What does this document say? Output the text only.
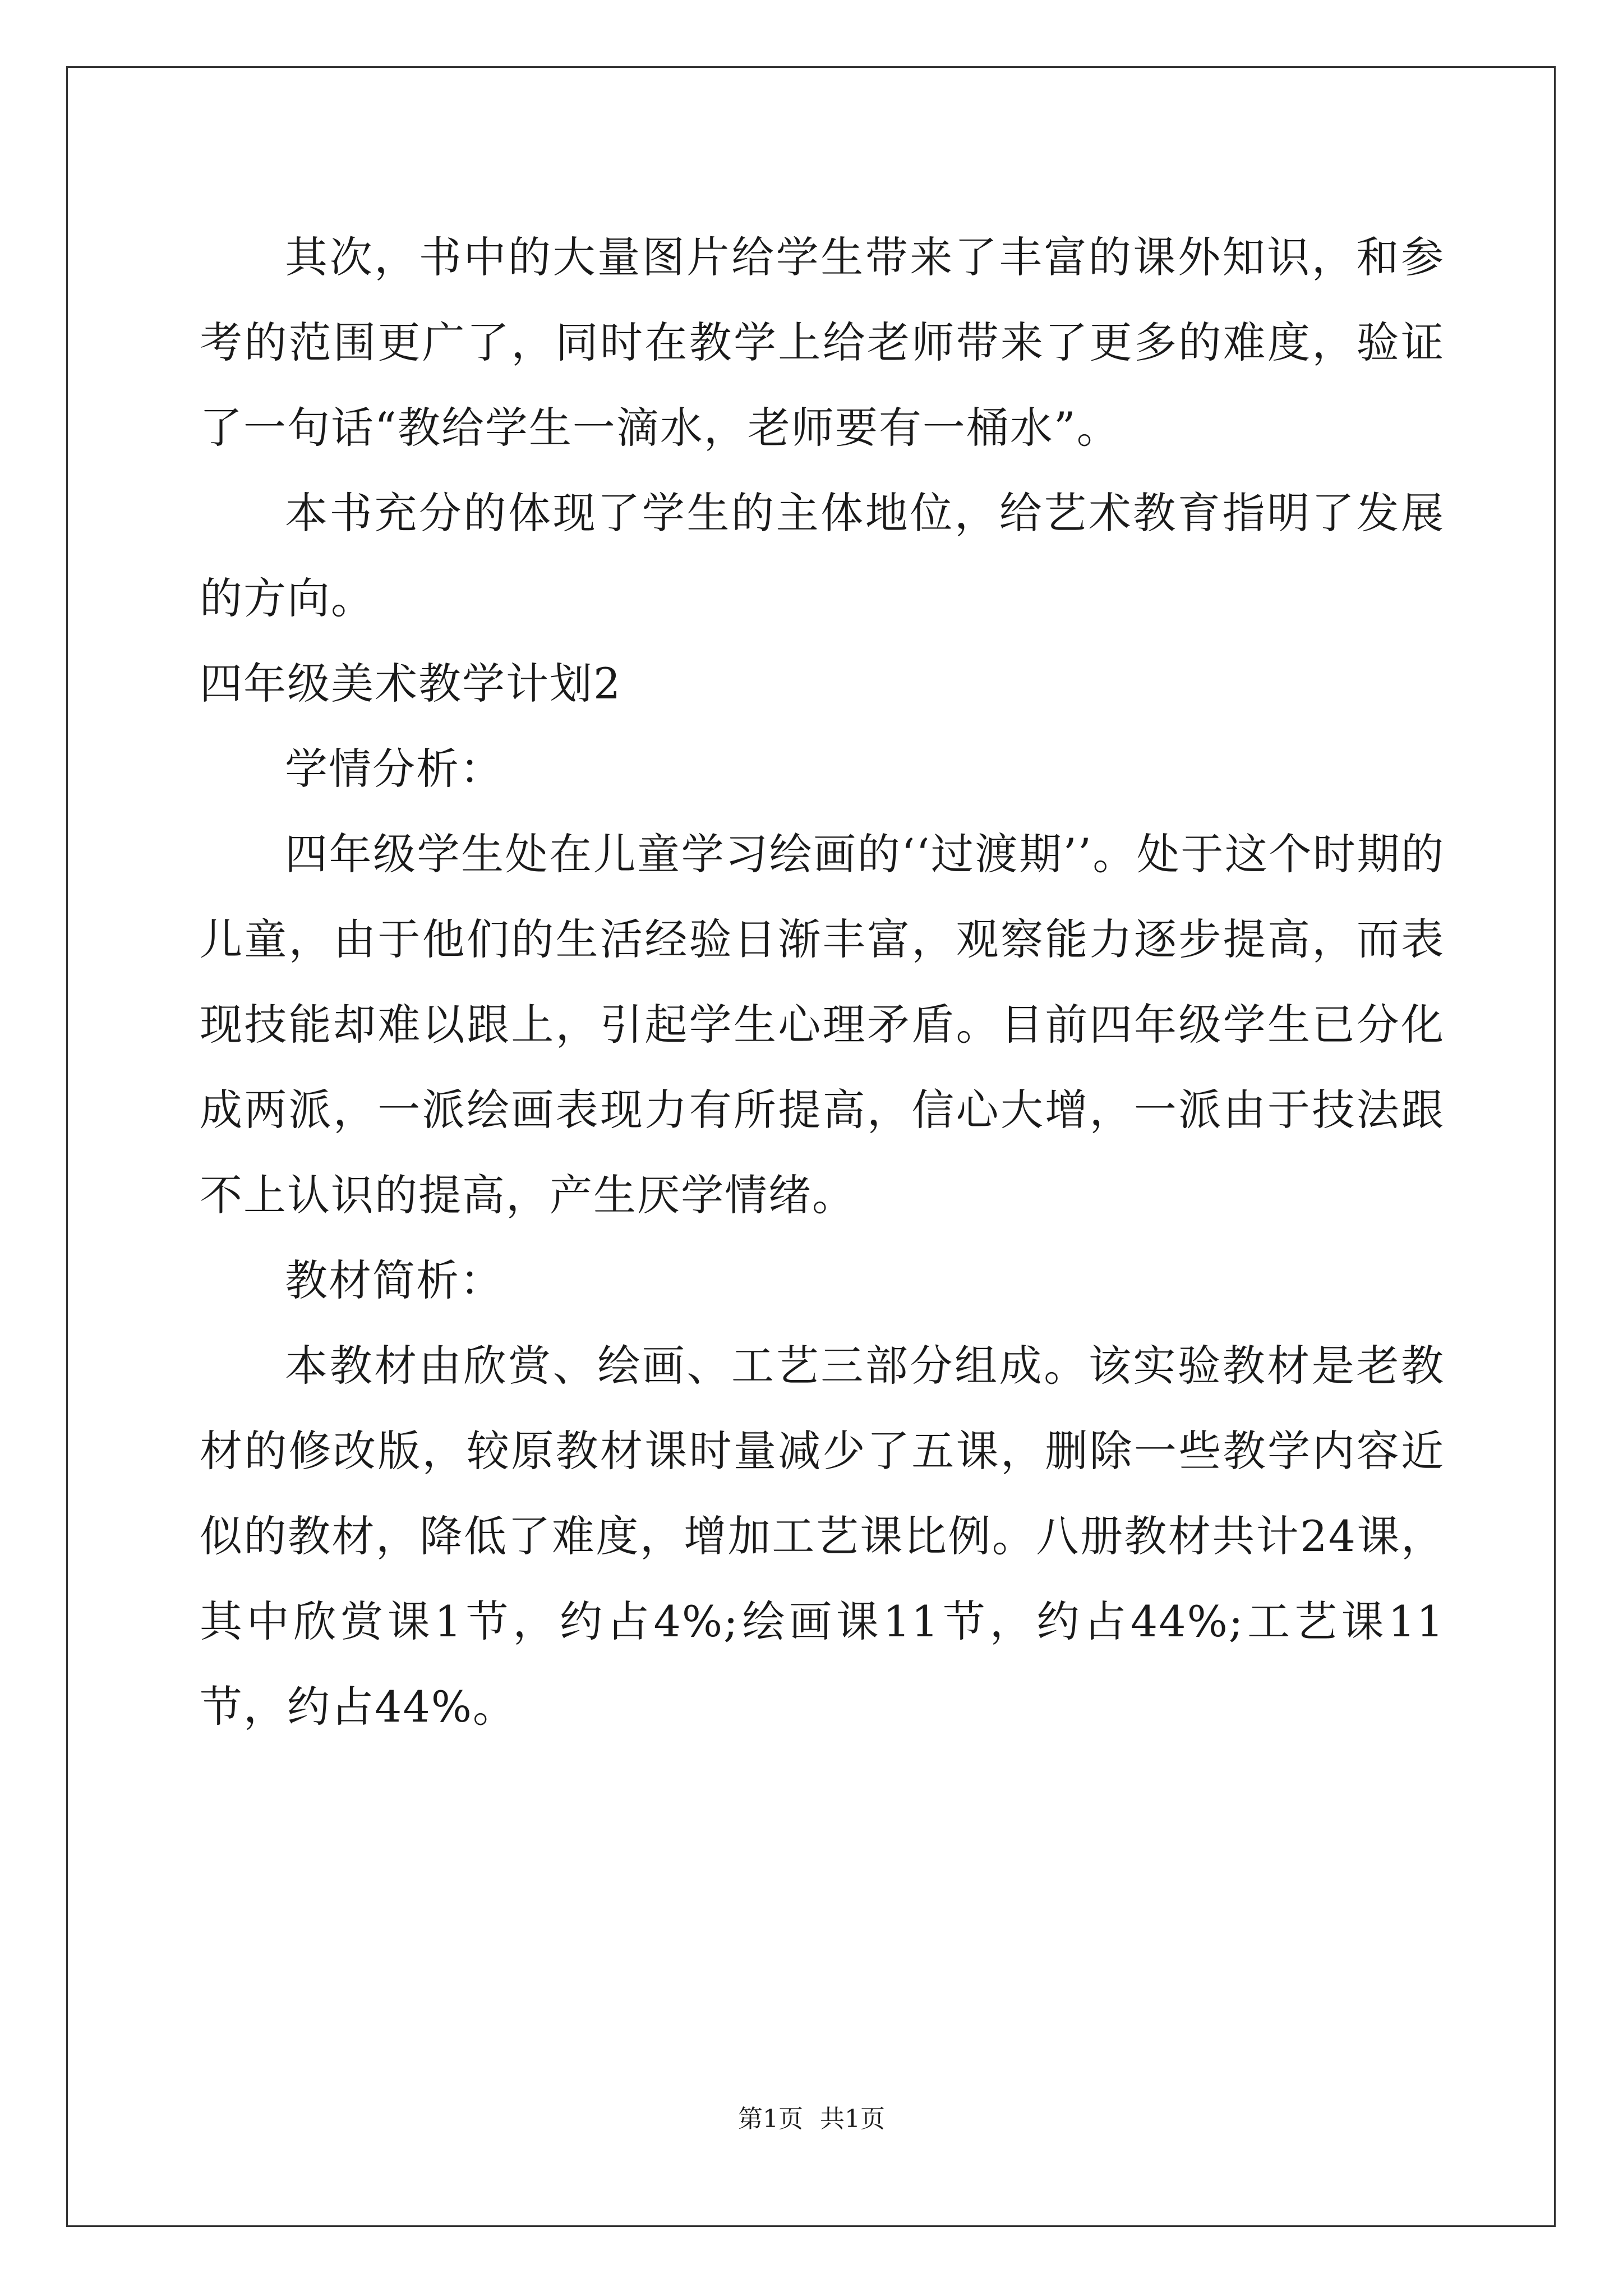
其次，书中的大量图片给学生带来了丰富的课外知识，和参考的范围更广了，同时在教学上给老师带来了更多的难度，验证了一句话“教给学生一滴水，老师要有一桶水”。

本书充分的体现了学生的主体地位，给艺术教育指明了发展的方向。

四年级美术教学计划2

学情分析：

四年级学生处在儿童学习绘画的‘‘过渡期’’。处于这个时期的儿童，由于他们的生活经验日渐丰富，观察能力逐步提高，而表现技能却难以跟上，引起学生心理矛盾。目前四年级学生已分化成两派，一派绘画表现力有所提高，信心大增，一派由于技法跟不上认识的提高，产生厌学情绪。

教材简析：

本教材由欣赏、绘画、工艺三部分组成。该实验教材是老教材的修改版，较原教材课时量减少了五课，删除一些教学内容近似的教材，降低了难度，增加工艺课比例。八册教材共计24课，其中欣赏课1节，约占4%;绘画课11节，约占44%;工艺课11节，约占44%。

第1页 共1页
